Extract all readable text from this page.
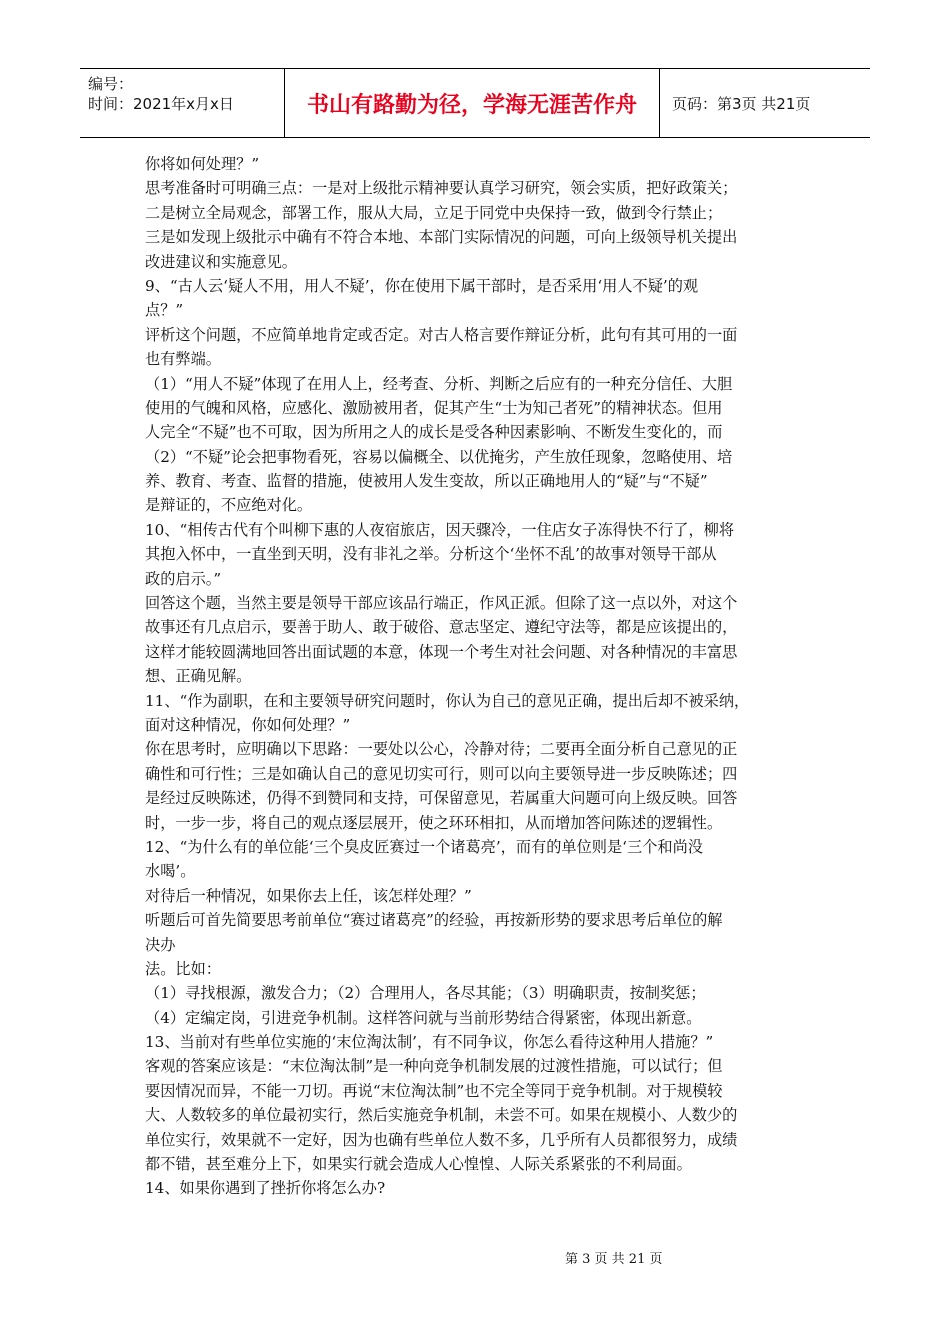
编号：
时间：2021年x月x日	书山有路勤为径，学海无涯苦作舟	页码：第3页 共21页
你将如何处理？”
思考准备时可明确三点：一是对上级批示精神要认真学习研究，领会实质，把好政策关；
二是树立全局观念，部署工作，服从大局，立足于同党中央保持一致，做到令行禁止；
三是如发现上级批示中确有不符合本地、本部门实际情况的问题，可向上级领导机关提出
改进建议和实施意见。
9、“古人云‘疑人不用，用人不疑’，你在使用下属干部时，是否采用‘用人不疑’的观
点？”
评析这个问题，不应简单地肯定或否定。对古人格言要作辩证分析，此句有其可用的一面
也有弊端。
（1）“用人不疑”体现了在用人上，经考查、分析、判断之后应有的一种充分信任、大胆
使用的气魄和风格，应感化、激励被用者，促其产生“士为知己者死”的精神状态。但用
人完全“不疑”也不可取，因为所用之人的成长是受各种因素影响、不断发生变化的，而
（2）“不疑”论会把事物看死，容易以偏概全、以优掩劣，产生放任现象，忽略使用、培
养、教育、考查、监督的措施，使被用人发生变故，所以正确地用人的“疑”与“不疑”
是辩证的，不应绝对化。
10、“相传古代有个叫柳下惠的人夜宿旅店，因天骤冷，一住店女子冻得快不行了，柳将
其抱入怀中，一直坐到天明，没有非礼之举。分析这个‘坐怀不乱’的故事对领导干部从
政的启示。”
回答这个题，当然主要是领导干部应该品行端正，作风正派。但除了这一点以外，对这个
故事还有几点启示，要善于助人、敢于破俗、意志坚定、遵纪守法等，都是应该提出的，
这样才能较圆满地回答出面试题的本意，体现一个考生对社会问题、对各种情况的丰富思
想、正确见解。
11、“作为副职，在和主要领导研究问题时，你认为自己的意见正确，提出后却不被采纳，
面对这种情况，你如何处理？”
你在思考时，应明确以下思路：一要处以公心，冷静对待；二要再全面分析自己意见的正
确性和可行性；三是如确认自己的意见切实可行，则可以向主要领导进一步反映陈述；四
是经过反映陈述，仍得不到赞同和支持，可保留意见，若属重大问题可向上级反映。回答
时，一步一步，将自己的观点逐层展开，使之环环相扣，从而增加答问陈述的逻辑性。
12、“为什么有的单位能‘三个臭皮匠赛过一个诸葛亮’，而有的单位则是‘三个和尚没
水喝’。
对待后一种情况，如果你去上任，该怎样处理？”
听题后可首先简要思考前单位“赛过诸葛亮”的经验，再按新形势的要求思考后单位的解
决办
法。比如：
（1）寻找根源，激发合力；（2）合理用人，各尽其能；（3）明确职责，按制奖惩；
（4）定编定岗，引进竞争机制。这样答问就与当前形势结合得紧密，体现出新意。
13、当前对有些单位实施的‘末位淘汰制’，有不同争议，你怎么看待这种用人措施？”
客观的答案应该是：“末位淘汰制”是一种向竞争机制发展的过渡性措施，可以试行；但
要因情况而异，不能一刀切。再说“末位淘汰制”也不完全等同于竞争机制。对于规模较
大、人数较多的单位最初实行，然后实施竞争机制，未尝不可。如果在规模小、人数少的
单位实行，效果就不一定好，因为也确有些单位人数不多，几乎所有人员都很努力，成绩
都不错，甚至难分上下，如果实行就会造成人心惶惶、人际关系紧张的不利局面。
14、如果你遇到了挫折你将怎么办?
第 3 页 共 21 页
